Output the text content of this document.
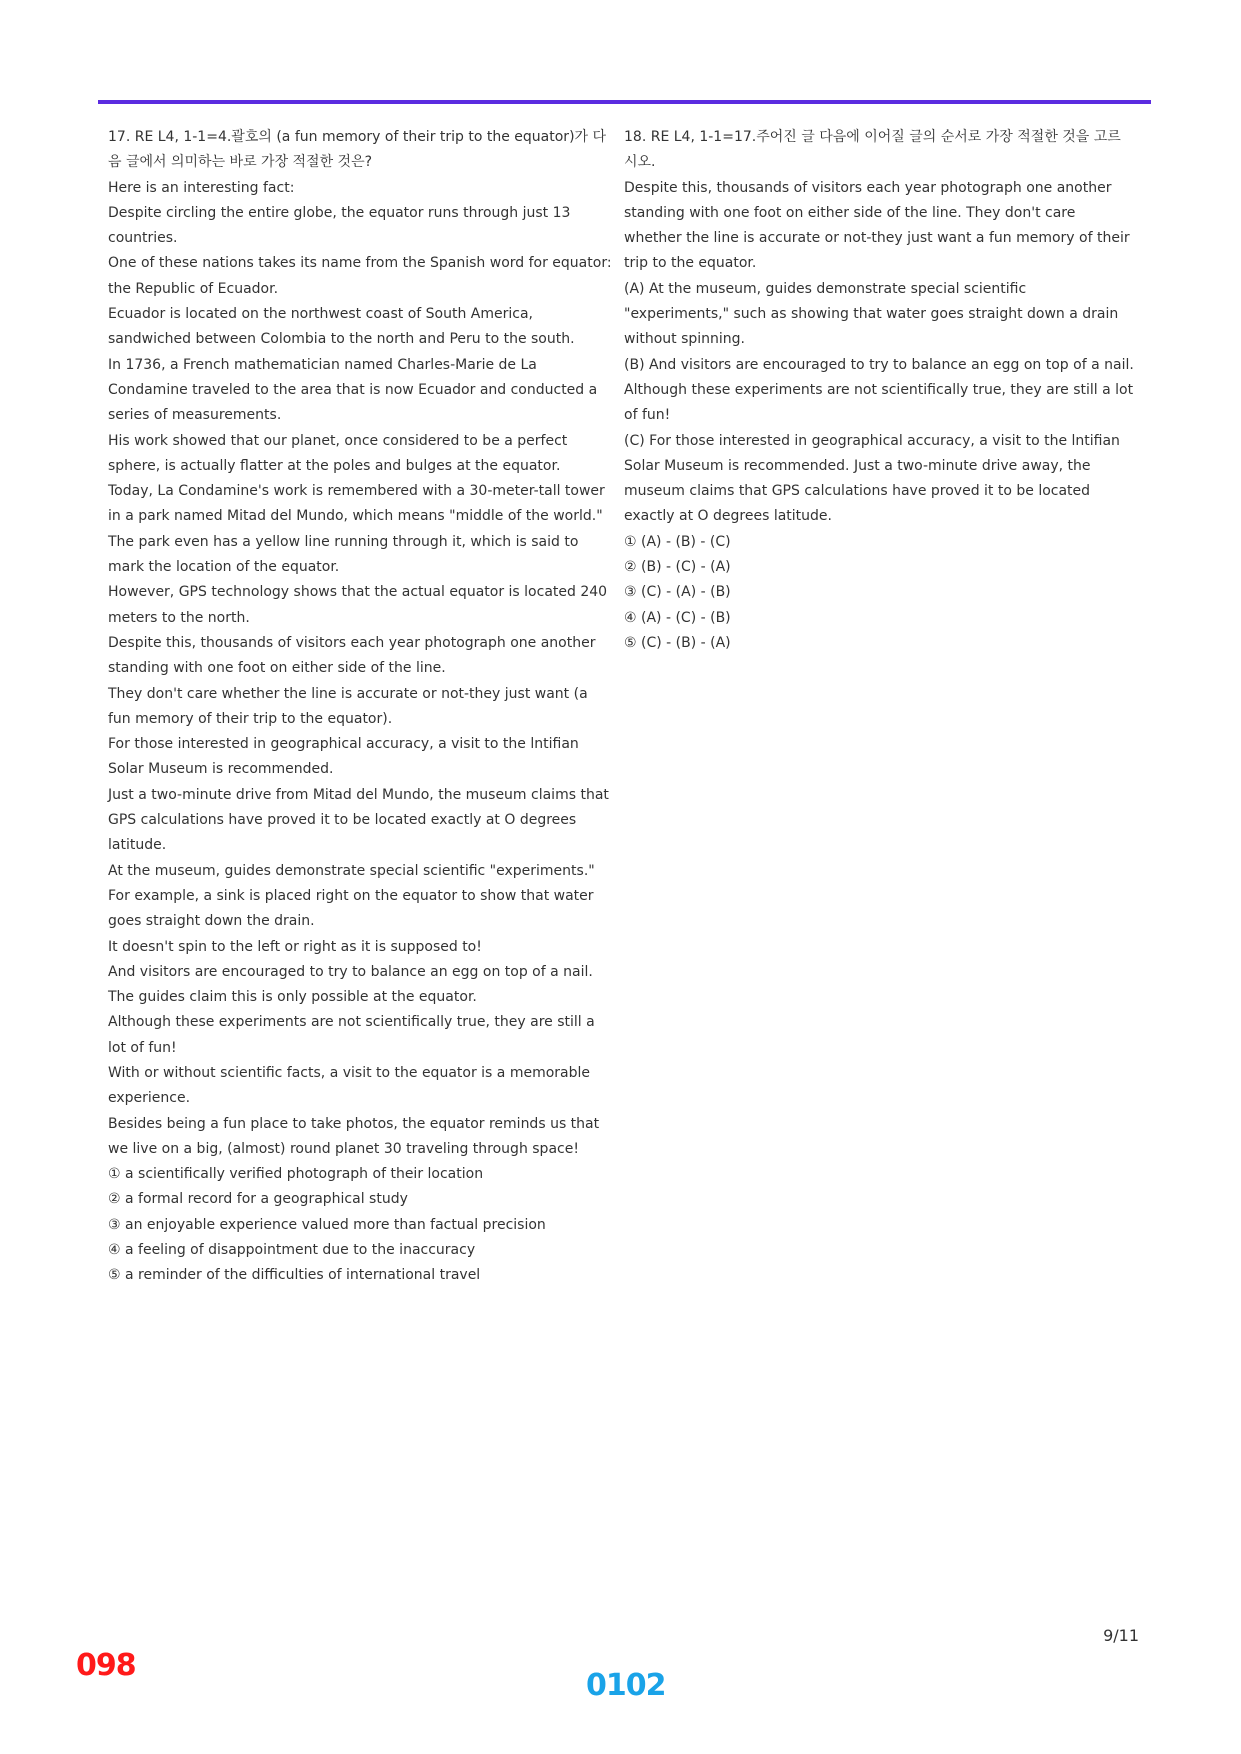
17. RE L4, 1-1=4.괄호의 (a fun memory of their trip to the equator)가 다음 글에서 의미하는 바로 가장 적절한 것은?
Here is an interesting fact:
Despite circling the entire globe, the equator runs through just 13 countries.
One of these nations takes its name from the Spanish word for equator: the Republic of Ecuador.
Ecuador is located on the northwest coast of South America, sandwiched between Colombia to the north and Peru to the south.
In 1736, a French mathematician named Charles-Marie de La Condamine traveled to the area that is now Ecuador and conducted a series of measurements.
His work showed that our planet, once considered to be a perfect sphere, is actually flatter at the poles and bulges at the equator.
Today, La Condamine's work is remembered with a 30-meter-tall tower in a park named Mitad del Mundo, which means "middle of the world."
The park even has a yellow line running through it, which is said to mark the location of the equator.
However, GPS technology shows that the actual equator is located 240 meters to the north.
Despite this, thousands of visitors each year photograph one another standing with one foot on either side of the line.
They don't care whether the line is accurate or not-they just want (a fun memory of their trip to the equator).
For those interested in geographical accuracy, a visit to the lntifian Solar Museum is recommended.
Just a two-minute drive from Mitad del Mundo, the museum claims that GPS calculations have proved it to be located exactly at O degrees latitude.
At the museum, guides demonstrate special scientific "experiments."
For example, a sink is placed right on the equator to show that water goes straight down the drain.
It doesn't spin to the left or right as it is supposed to!
And visitors are encouraged to try to balance an egg on top of a nail.
The guides claim this is only possible at the equator.
Although these experiments are not scientifically true, they are still a lot of fun!
With or without scientific facts, a visit to the equator is a memorable experience.
Besides being a fun place to take photos, the equator reminds us that we live on a big, (almost) round planet 30 traveling through space!
① a scientifically verified photograph of their location
② a formal record for a geographical study
③ an enjoyable experience valued more than factual precision
④ a feeling of disappointment due to the inaccuracy
⑤ a reminder of the difficulties of international travel
18. RE L4, 1-1=17.주어진 글 다음에 이어질 글의 순서로 가장 적절한 것을 고르시오.
Despite this, thousands of visitors each year photograph one another standing with one foot on either side of the line. They don't care whether the line is accurate or not-they just want a fun memory of their trip to the equator.
(A) At the museum, guides demonstrate special scientific "experiments," such as showing that water goes straight down a drain without spinning.
(B) And visitors are encouraged to try to balance an egg on top of a nail. Although these experiments are not scientifically true, they are still a lot of fun!
(C) For those interested in geographical accuracy, a visit to the lntifian Solar Museum is recommended. Just a two-minute drive away, the museum claims that GPS calculations have proved it to be located exactly at O degrees latitude.
① (A) - (B) - (C)
② (B) - (C) - (A)
③ (C) - (A) - (B)
④ (A) - (C) - (B)
⑤ (C) - (B) - (A)
9/11
098
0102
